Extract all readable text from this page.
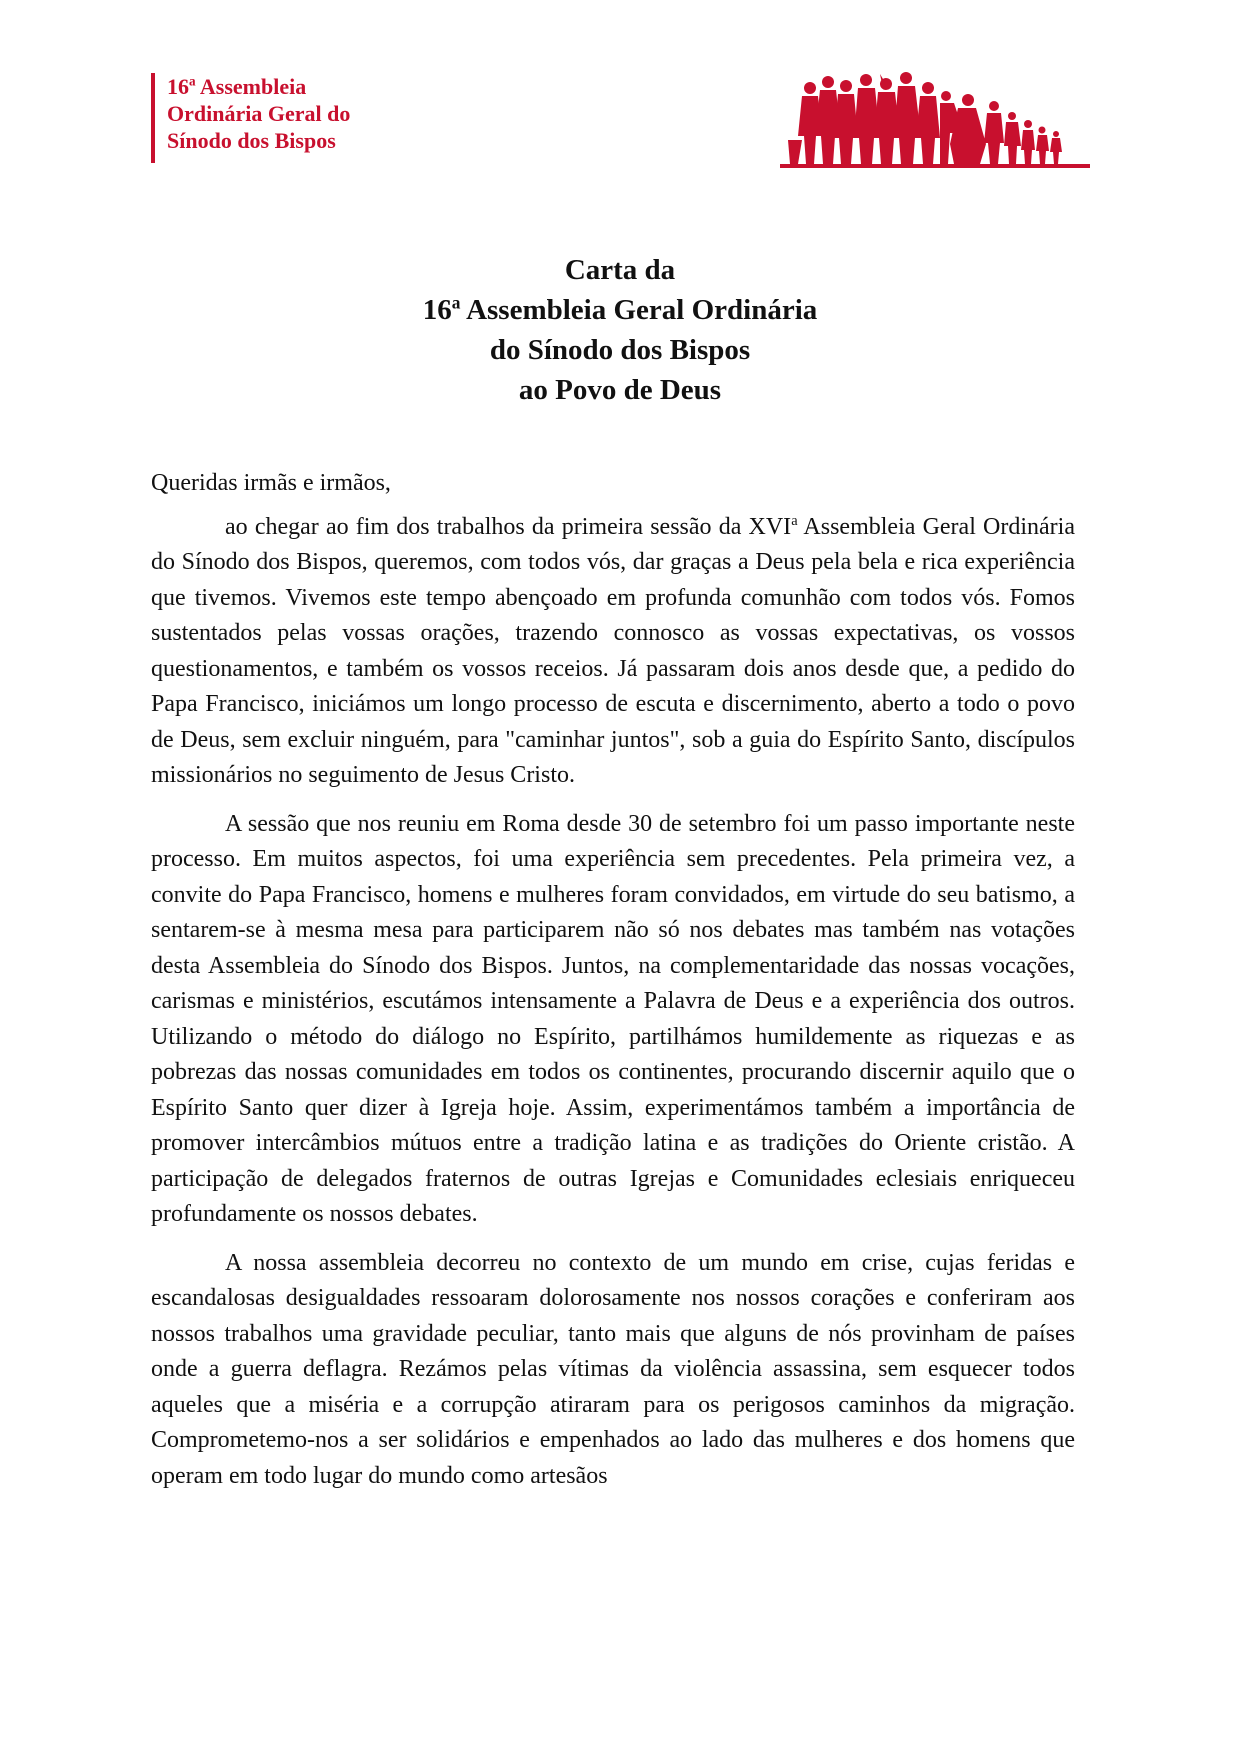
16$^a$ Assembleia
Ordinária Geral do
Sínodo dos Bispos
Carta da
16$^a$ Assembleia Geral Ordinária
do Sínodo dos Bispos
ao Povo de Deus

Queridas irmãs e irmãos,

ao chegar ao fim dos trabalhos da primeira sessão da XVI$^a$ Assembleia Geral Ordinária do Sínodo dos Bispos, queremos, com todos vós, dar graças a Deus pela bela e rica experiência que tivemos. Vivemos este tempo abençoado em profunda comunhão com todos vós. Fomos sustentados pelas vossas orações, trazendo connosco as vossas expectativas, os vossos questionamentos, e também os vossos receios. Já passaram dois anos desde que, a pedido do Papa Francisco, iniciámos um longo processo de escuta e discernimento, aberto a todo o povo de Deus, sem excluir ninguém, para "caminhar juntos", sob a guia do Espírito Santo, discípulos missionários no seguimento de Jesus Cristo.

A sessão que nos reuniu em Roma desde 30 de setembro foi um passo importante neste processo. Em muitos aspectos, foi uma experiência sem precedentes. Pela primeira vez, a convite do Papa Francisco, homens e mulheres foram convidados, em virtude do seu batismo, a sentarem-se à mesma mesa para participarem não só nos debates mas também nas votações desta Assembleia do Sínodo dos Bispos. Juntos, na complementaridade das nossas vocações, carismas e ministérios, escutámos intensamente a Palavra de Deus e a experiência dos outros. Utilizando o método do diálogo no Espírito, partilhámos humildemente as riquezas e as pobrezas das nossas comunidades em todos os continentes, procurando discernir aquilo que o Espírito Santo quer dizer à Igreja hoje. Assim, experimentámos também a importância de promover intercâmbios mútuos entre a tradição latina e as tradições do Oriente cristão. A participação de delegados fraternos de outras Igrejas e Comunidades eclesiais enriqueceu profundamente os nossos debates.

A nossa assembleia decorreu no contexto de um mundo em crise, cujas feridas e escandalosas desigualdades ressoaram dolorosamente nos nossos corações e conferiram aos nossos trabalhos uma gravidade peculiar, tanto mais que alguns de nós provinham de países onde a guerra deflagra. Rezámos pelas vítimas da violência assassina, sem esquecer todos aqueles que a miséria e a corrupção atiraram para os perigosos caminhos da migração. Comprometemo-nos a ser solidários e empenhados ao lado das mulheres e dos homens que operam em todo lugar do mundo como artesãos
